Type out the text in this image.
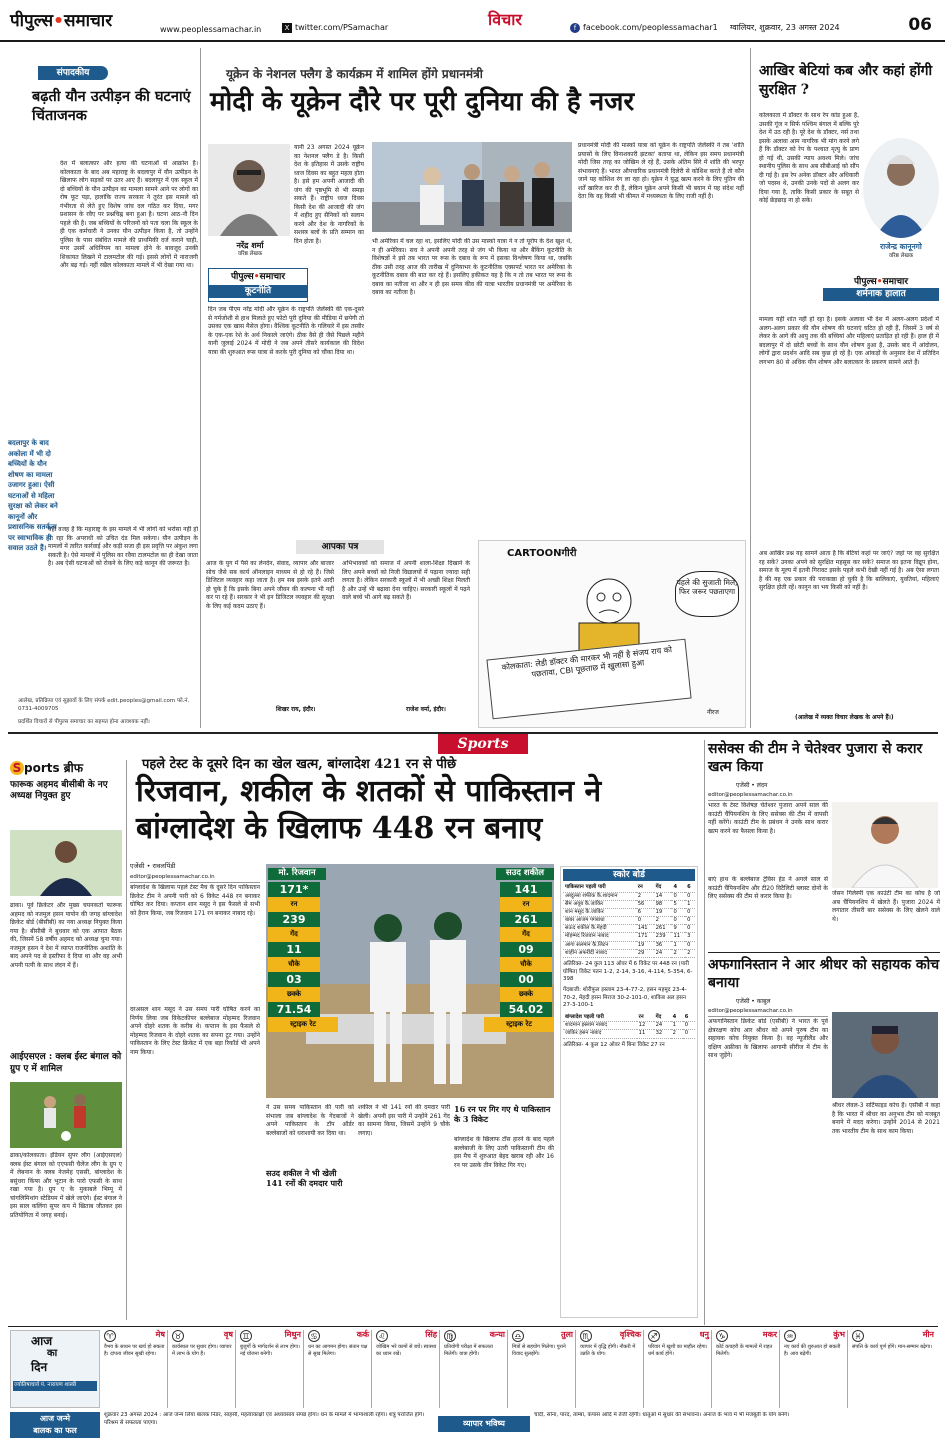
पीपुल्स•समाचार	www.peoplessamachar.in	X twitter.com/PSamachar	विचार	f facebook.com/peoplessamachar1 ग्वालियर, शुक्रवार, 23 अगस्त 2024	06
संपादकीय
बढ़ती यौन उत्पीड़न की घटनाएं चिंताजनक

देश में बलात्कार और हत्या की घटनाओं से आक्रोश है। कोलकाता के बाद अब महाराष्ट्र के बदलापुर में यौन उत्पीड़न के खिलाफ लोग सड़कों पर उतर आए हैं। बदलापुर में एक स्कूल में दो बच्चियों के यौन उत्पीड़न का मामला सामने आने पर लोगों का रोष फूट पड़ा, हालांकि राज्य सरकार ने तुरंत इस मामले को गंभीरता से लेते हुए विशेष जांच दल गठित कर दिया, मगर प्रशासन के रवैए पर प्रश्नचिह्न बना हुआ है। घटना आठ-नौ दिन पहले की है। जब बच्चियों के परिजनों को पता चला कि स्कूल के ही एक कर्मचारी ने उनका यौन उत्पीड़न किया है, तो उन्होंने पुलिस के पास संबंधित मामले की प्राथमिकी दर्ज कराने चाही, मगर उसमें अधिनियम का मामला होने के बावजूद उनकी शिकायत लिखने में टालमटोल की गई। इससे लोगों में नाराजगी और बढ़ गई। नहीं रखैल कोलकाता मामले में भी देखा गया था।

यही वजह है कि महाराष्ट्र के इस मामले में भी लोगों को भरोसा नहीं हो पा रहा कि अपराधी को उचित दंड मिल सकेगा। यौन उत्पीड़न के मामलों में त्वरित कार्रवाई और कड़ी सजा ही इस प्रवृत्ति पर अंकुश लगा सकती है। ऐसे मामलों में पुलिस का रवैया टालमटोल का ही देखा जाता है। अब ऐसी घटनाओं को रोकने के लिए कड़े कानून की जरूरत है।

बदलापुर के बाद अकोला में भी दो बच्चियों के यौन शोषण का मामला उजागर हुआ। ऐसी घटनाओं से महिला सुरक्षा को लेकर बने कानूनों और प्रशासनिक सतर्कता पर स्वाभाविक ही सवाल उठते हैं।
आलेख, प्रतिक्रिया एवं सुझावों के लिए संपर्क edit.peoples@gmail.com फो.नं. 0731-4009705
प्रदर्शित विचारों से पीपुल्स समाचार का सहमत होना आवश्यक नहीं।
यूक्रेन के नेशनल फ्लैग डे कार्यक्रम में शामिल होंगे प्रधानमंत्री
मोदी के यूक्रेन दौरे पर पूरी दुनिया की है नजर
नरेंद्र शर्मा
वरिष्ठ लेखक

यानी 23 अगस्त 2024 यूक्रेन का नेशनल फ्लैग डे है। किसी देश के इतिहास में उसके राष्ट्रीय ध्वज दिवस का बहुत महत्व होता है। इसे हम अपनी आजादी की जंग की पृष्ठभूमि से भी समझ सकते हैं। राष्ट्रीय ध्वज दिवस किसी देश की आजादी की जंग में शहीद हुए सैनिकों को सलाम करने और देश के नागरिकों के सशस्त्र बलों के प्रति सम्मान का दिन होता है।

पीपुल्स•समाचार
कूटनीति

दिन जब पीएम नरेंद्र मोदी और यूक्रेन के राष्ट्रपति जेलेंस्की की एक-दूसरे से गर्मजोशी से हाथ मिलाते हुए फोटो पूरी दुनिया की मीडिया में छपेगी तो उसका एक खास मैसेज होगा। वैश्विक कूटनीति के गलियारे में इस तस्वीर के एक-एक रेशे के अर्थ निकाले जाएंगे। ठीक वैसे ही जैसे पिछले महीने यानी जुलाई 2024 में मोदी ने जब अपने तीसरे कार्यकाल की विदेश यात्रा की शुरुआत रूस यात्रा से करके पूरी दुनिया को चौंका दिया था।

भी अमेरिका में चल रहा था, इसलिए मोदी की उस मास्को यात्रा ने न तो यूरोप के देश खुश थे, न ही अमेरिका। सच ने अपनी अपनी तरह से जंग भी किया था और बैंकिंग कूटनीति के विशेषज्ञों ने इसे तब भारत पर रूस के दबाव के रूप में इसका विश्लेषण किया था, जबकि ठीक उसी तरह आज की तारीख में दुनियाभर के कूटनीतिक एक्सपर्ट भारत पर अमेरिका के कूटनीतिक दबाव की बात कर रहे हैं। इसलिए हकीकत यह है कि न तो तब भारत पर रूस के दबाव का नतीजा था और न ही इस समय कीव की यात्रा भारतीय प्रधानमंत्री पर अमेरिका के दबाव का नतीजा है।

प्रधानमंत्री मोदी की मास्को यात्रा को यूक्रेन के राष्ट्रपति जेलेंस्की ने तब 'शांति प्रयासों के लिए विनाशकारी झटका' बताया था, लेकिन इस समय प्रधानमंत्री मोदी जिस तरह का जोखिम ले रहे हैं, उसके अंतिम सिरे में शांति की भरपूर संभावनाएं हैं। भारत औपचारिक प्रधानमंत्री दिलेरी से कोशिश करते हैं तो कौन जाने यह कोशिश रंग ला रहा हो। यूक्रेन ने युद्ध खत्म करने के लिए पुतिन की शर्तें खारिज कर दी हैं, लेकिन यूक्रेन अपने किसी भी बयान में यह संदेश नहीं देता कि वह किसी भी कीमत में मध्यस्थता के लिए राजी नहीं है।

आपका पत्र

आज के युग में पैसे का लेनदेन, संवाद, व्यापार और बाजार सोच जैसे सब कार्य ऑनलाइन माध्यम से हो रहे हैं। जिसे डिजिटल व्यवहार कहा जाता है। हम सब इसके इतने आदी हो चुके हैं कि इसके बिना अपने जीवन की कल्पना भी नहीं कर पा रहे हैं। सरकार ने भी इन डिजिटल व्यवहार की सुरक्षा के लिए कई कदम उठाए हैं।

शिखर राय, इंदौर।

अभिभावकों को समाज में अपनी शाला-शिक्षा दिखाने के लिए अपने बच्चों को निजी विद्यालयों में पढ़ाना ज्यादा सही लगता है। लेकिन सरकारी स्कूलों में भी अच्छी शिक्षा मिलती है और उन्हें भी बढ़ावा देना चाहिए। सरकारी स्कूलों में पढ़ने वाले बच्चे भी आगे बढ़ सकते हैं।

राजेश वर्मा, इंदौर।
CARTOONगीरी
पहले की सुजाती मिले, फिर जरूर पछताएगा
कोलकाता: लेडी डॉक्टर की मारकर भी नहीं है संजय राय को पछतावा, CBI पूछताछ में खुलासा हुआ
नीरज
आखिर बेटियां कब और कहां होंगी सुरक्षित ?

कोलकाता में डॉक्टर के साथ रेप कांड हुआ है, उसकी गूंज न सिर्फ पश्चिम बंगाल में बल्कि पूरे देश में उठ रही है। पूरे देश के डॉक्टर, नर्स तथा इसके अलावा आम नागरिक भी मांग करने लगे हैं कि डॉक्टर को रेप के पश्चात मृत्यु के प्राण हो गई थी, उसकी न्याय अवश्य मिले। जांच स्थानीय पुलिस के साथ अब सीबीआई को सौंप दी गई है। इस रेप अनेक डॉक्टर और अधिकारी जो पदस्थ थे, उनकी उनके पदों से अलग कर दिया गया है, ताकि किसी प्रकार के सबूत से कोई छेड़छाड़ ना हो सके।

राजेन्द्र कानूनगो
वरिष्ठ लेखक
पीपुल्स•समाचार
शर्मनाक हालात

मामला यहीं शांत नहीं हो रहा है। इसके अलावा भी देश में अलग-अलग प्रदेशों में अलग-अलग प्रकार की यौन शोषण की घटनाएं घटित हो रही हैं, जिसमें 3 वर्ष से लेकर के आगे की आयु तक की बच्चियां और महिलाएं प्रताड़ित हो रही हैं। हाल ही में बदलापुर में दो छोटी बच्चों के साथ यौन शोषण हुआ है, उसके बाद में आंदोलन, लोगों द्वारा प्रदर्शन आदि सब कुछ हो रहे हैं। एक आंकड़ों के अनुसार देश में प्रतिदिन लगभग 80 से अधिक यौन शोषण और बलात्कार के प्रकरण सामने आते हैं।

अब आखिर प्रश्न यह सामने आता है कि बेटियां कहां पर जाएं? जहां पर वह सुरक्षित रह सकें? उनका अपने को सुरक्षित महसूस कर सकें? समाज का इतना विद्रूप होना, समाज के मूल्य में इतनी गिरावट इसके पहले कभी देखी नहीं गई है। अब ऐसा लगता है की यह एक प्रकार की पराकाष्ठा हो चुकी है कि बालिकाएं, युवतियां, महिलाएं सुरक्षित होती रहें। कानून का भय किसी को नहीं है।

(आलेख में व्यक्त विचार लेखक के अपने हैं।)
Sports
S ports ब्रीफ
फारूक अहमद बीसीबी के नए अध्यक्ष नियुक्त हुए

ढाका। पूर्व क्रिकेटर और मुख्य चयनकर्ता फारूक अहमद को नजमुल हसन पापोन की जगह बांग्लादेश क्रिकेट बोर्ड (बीसीबी) का नया अध्यक्ष नियुक्त किया गया है। बीसीबी ने बुधवार को एक आपात बैठक की, जिसमें 58 वर्षीय अहमद को अध्यक्ष चुना गया। नजमुल हसन ने देश में व्याप्त राजनीतिक अशांति के बाद अपने पद से इस्तीफा दे दिया था और वह अभी अपनी पत्नी के साथ लंदन में हैं।

आईएसएल : क्लब ईस्ट बंगाल को ग्रुप ए में शामिल

ढाका/कोलकाता। इंडियन सुपर लीग (आईएसएल) क्लब ईस्ट बंगाल को एएफसी चैलेंज लीग के ग्रुप ए में लेबनान के क्लब नेजमेह एससी, बांग्लादेश के बसुंधरा किंग्स और भूटान के पारो एफसी के साथ रखा गया है। ग्रुप ए के मुकाबले भिम्पू में चांगलिमिथांग स्टेडियम में खेले जाएंगे। ईस्ट बंगाल ने इस साल कलिंगा सुपर कप में खिताब जीतकर इस प्रतियोगिता में जगह बनाई।

पहले टेस्ट के दूसरे दिन का खेल खत्म, बांग्लादेश 421 रन से पीछे
रिजवान, शकील के शतकों से पाकिस्तान ने बांग्लादेश के खिलाफ 448 रन बनाए
एजेंसी • रावलपिंडी
editor@peoplessamachar.co.in

बांग्लादेश के खिलाफ पहले टेस्ट मैच के दूसरे दिन पाकिस्तान क्रिकेट टीम ने अपनी पारी को 6 विकेट 448 रन बनाकर घोषित कर दिया। कप्तान शान मसूद ने इस फैसले से सभी को हैरान किया, जब रिजवान 171 रन बनाकर नाबाद रहे।

दरअसल शान मसूद ने उस समय पारी घोषित करने का निर्णय लिया जब विकेटकीपर बल्लेबाज मोहम्मद रिजवान अपने दोहरे शतक के करीब थे। कप्तान के इस फैसले से मोहम्मद रिजवान के दोहरे शतक का सपना टूट गया। उन्होंने पाकिस्तान के लिए टेस्ट क्रिकेट में एक बड़ा रिकॉर्ड भी अपने नाम किया।

मो. रिजवान
171*
रन
239
गेंद
11
चौके
03
छक्के
71.54
स्ट्राइक रेट
सउद शकील
141
रन
261
गेंद
09
चौके
00
छक्के
54.02
स्ट्राइक रेट

ने उस समय पाकिस्तान की पारी को संभाला जब बांग्लादेश के गेंदबाजों ने अपने पाकिस्तान के टॉप ऑर्डर बल्लेबाजों को धराशायी कर दिया था।

सउद शकील ने भी खेली 141 रनों की दमदार पारी

शकील ने भी 141 रनों की दमदार पारी खेली। अपनी इस पारी में उन्होंने 261 गेंद का सामना किया, जिसमें उन्होंने 9 चौके लगाए।

16 रन पर गिर गए थे पाकिस्तान के 3 विकेट

बांग्लादेश के खिलाफ टॉस हारने के बाद पहले बल्लेबाजी के लिए उतरी पाकिस्तानी टीम की इस मैच में शुरुआत बेहद खराब रही और 16 रन पर उसके तीन विकेट गिर गए।

स्कोर बोर्ड
पाकिस्तान पहली पारी	रन	गेंद	4	6
अब्दुल्ला शफीक कै.शादमान	2	14	0	0
सैम अयूब कै.जाकिर	56	98	5	1
शान मसूद कै.जाकिर	6	19	0	0
बाबर आजम पगबाधा	0	2	0	0
सऊद शकील कै.मेहदी	141	261	9	0
मोहम्मद रिजवान नाबाद	171	239	11	3
आगा सलमान कै.लिटन	19	36	1	0
शाहीन अफरीदी नाबाद	29	24	2	2
अतिरिक्त- 24 कुल 113 ओवर में 6 विकेट पर 448 रन (पारी घोषित) विकेट पतन 1-2, 2-14, 3-16, 4-114, 5-354, 6-398
गेंदबाजी: शोरीफुल इस्लाम 23-4-77-2, हसन महमूद 23-4-70-2, मेहदी हसन मिराज 30-2-101-0, शाकिब अल हसन 27-3-100-1
बांग्लादेश पहली पारी	रन	गेंद	4	6
शादमान इस्लाम नाबाद	12	24	1	0
जाकिर हसन नाबाद	11	32	2	0
अतिरिक्त- 4 कुल 12 ओवर में बिना विकेट 27 रन
ससेक्स की टीम ने चेतेश्वर पुजारा से करार खत्म किया
एजेंसी • लंदन
editor@peoplessamachar.co.in

भारत के टेस्ट विशेषज्ञ चेतेश्वर पुजारा अपने साल की काउंटी चैंपियनशिप के लिए ससेक्स की टीम में वापसी नहीं करेंगे। काउंटी टीम के प्रबंधन ने उनके साथ करार खत्म करने का फैसला किया है।

बाएं हाथ के बल्लेबाज ट्रेविस हेड ने अगले साल से काउंटी चैंपियनशिप और टी20 विटैलिटी ब्लास्ट दोनों के लिए ससेक्स की टीम से करार किया है।	जेसन गिलेस्पी एक काउंटी टीम का कोच है जो अब चैंपियनशिप में खेलते हैं। पुजारा 2024 में लगातार तीसरी बार ससेक्स के लिए खेलने वाले थे।

अफगानिस्तान ने आर श्रीधर को सहायक कोच बनाया
एजेंसी • काबुल
editor@peoplessamachar.co.in

अफगानिस्तान क्रिकेट बोर्ड (एसीबी) ने भारत के पूर्व क्षेत्ररक्षण कोच आर श्रीधर को अपने पुरुष टीम का सहायक कोच नियुक्त किया है। वह न्यूजीलैंड और दक्षिण अफ्रीका के खिलाफ आगामी सीरीज में टीम के साथ जुड़ेंगे।

श्रीधर लेवल-3 सर्टिफाइड कोच हैं। एसीबी ने कहा है कि भारत में श्रीधर का अनुभव टीम को मजबूत बनाने में मदद करेगा। उन्होंने 2014 से 2021 तक भारतीय टीम के साथ काम किया।

आज
का
दिन
ज्योतिषाचार्य पं. नारायण शास्त्री
♈	मेष
वैभव के साधन पर खर्च हो सकता है। दांपत्य जीवन सुखी रहेगा।
♉	वृष
कार्यस्थल पर सुधार होगा। व्यापार में लाभ के योग हैं।
♊	मिथुन
बुजुर्गों के मार्गदर्शन से लाभ होगा। नई योजना बनेगी।
♋	कर्क
धन का आगमन होगा। संतान पक्ष से सुख मिलेगा।
♌	सिंह
जोखिम भरे कामों से बचें। स्वास्थ्य का ध्यान रखें।
♍	कन्या
प्रतियोगी परीक्षा में सफलता मिलेगी। यात्रा होगी।
♎	तुला
मित्रों से सहयोग मिलेगा। पुराने विवाद सुलझेंगे।
♏	वृश्चिक
व्यापार में वृद्धि होगी। नौकरी में उन्नति के योग।
♐	धनु
परिवार में खुशी का माहौल रहेगा। धर्म कार्य होंगे।
♑	मकर
कोर्ट कचहरी के मामलों में राहत मिलेगी।
♒	कुंभ
नए कार्य की शुरुआत हो सकती है। आय बढ़ेगी।
♓	मीन
संपत्ति के कार्य पूर्ण होंगे। मान-सम्मान बढ़ेगा।
आज जन्मे
बालक का फल
शुक्रवार 23 अगस्त 2024 : आज जन्म लिया बालक निडर, साहसी, महत्वाकांक्षी एवं अध्यवसाय संपन्न होगा। धन के मामले में भाग्यशाली रहेगा। शत्रु पराजित होंगे। परिश्रम से सफलता पाएगा।	व्यापार भविष्य
चांदी, सोना, पारद, ताम्बा, कपास आदि में तेजी रहेगी। धातुओं में सुधार की संभावना। अनाज के भाव में भी मजबूती के योग बनेंगे।
